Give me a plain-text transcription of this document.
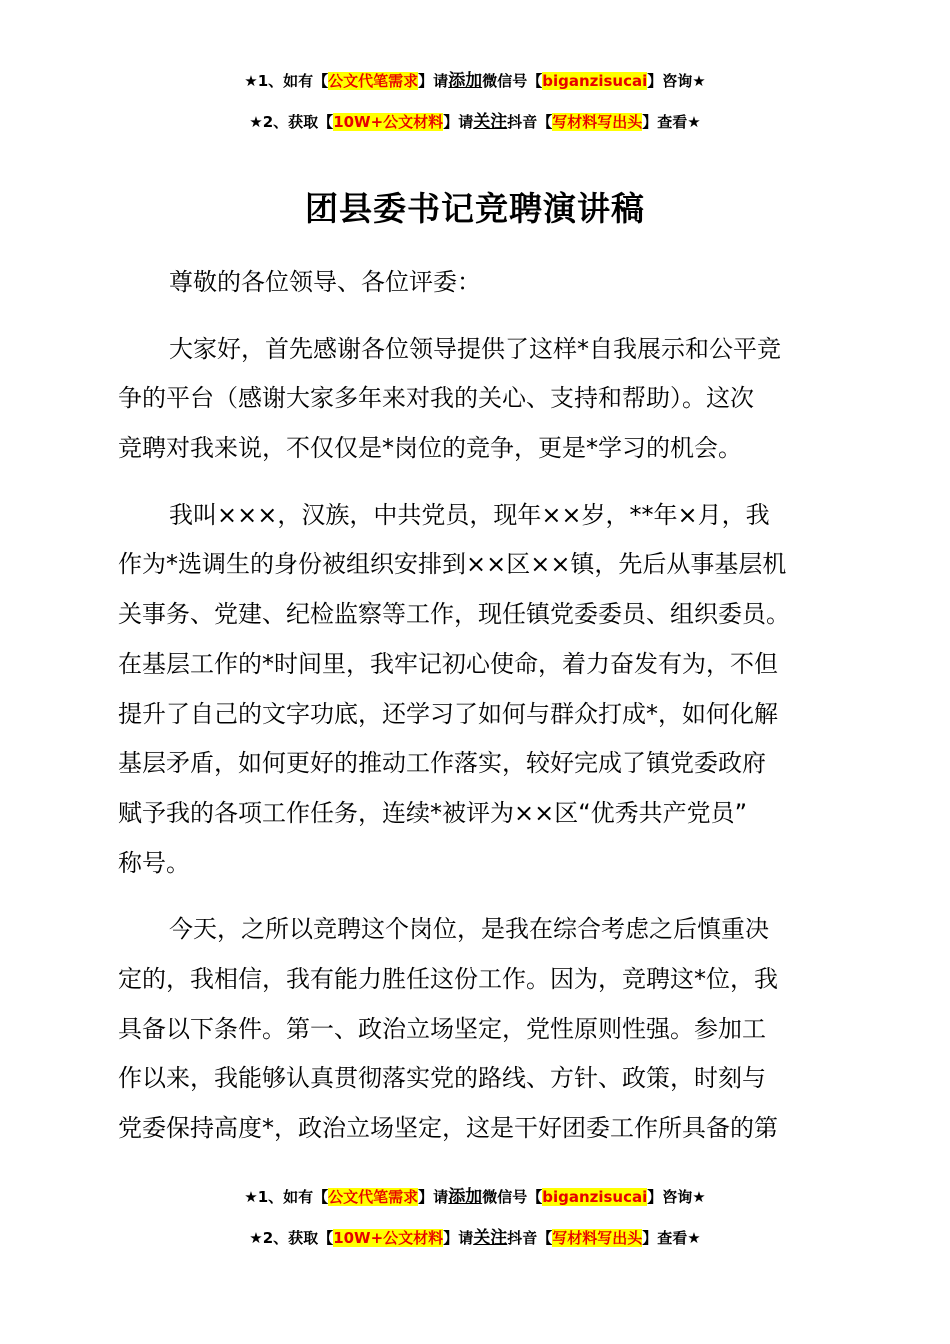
★1、如有【公文代笔需求】请添加微信号【biganzisucai】咨询★
★2、获取【10W+公文材料】请关注抖音【写材料写出头】查看★
团县委书记竞聘演讲稿
尊敬的各位领导、各位评委：
大家好，首先感谢各位领导提供了这样*自我展示和公平竞
争的平台（感谢大家多年来对我的关心、支持和帮助）。这次
竞聘对我来说，不仅仅是*岗位的竞争，更是*学习的机会。
我叫×××，汉族，中共党员，现年××岁，**年×月，我
作为*选调生的身份被组织安排到××区××镇，先后从事基层机
关事务、党建、纪检监察等工作，现任镇党委委员、组织委员。
在基层工作的*时间里，我牢记初心使命，着力奋发有为，不但
提升了自己的文字功底，还学习了如何与群众打成*，如何化解
基层矛盾，如何更好的推动工作落实，较好完成了镇党委政府
赋予我的各项工作任务，连续*被评为××区“优秀共产党员”
称号。
今天，之所以竞聘这个岗位，是我在综合考虑之后慎重决
定的，我相信，我有能力胜任这份工作。因为，竞聘这*位，我
具备以下条件。第一、政治立场坚定，党性原则性强。参加工
作以来，我能够认真贯彻落实党的路线、方针、政策，时刻与
党委保持高度*，政治立场坚定，这是干好团委工作所具备的第
★1、如有【公文代笔需求】请添加微信号【biganzisucai】咨询★
★2、获取【10W+公文材料】请关注抖音【写材料写出头】查看★
